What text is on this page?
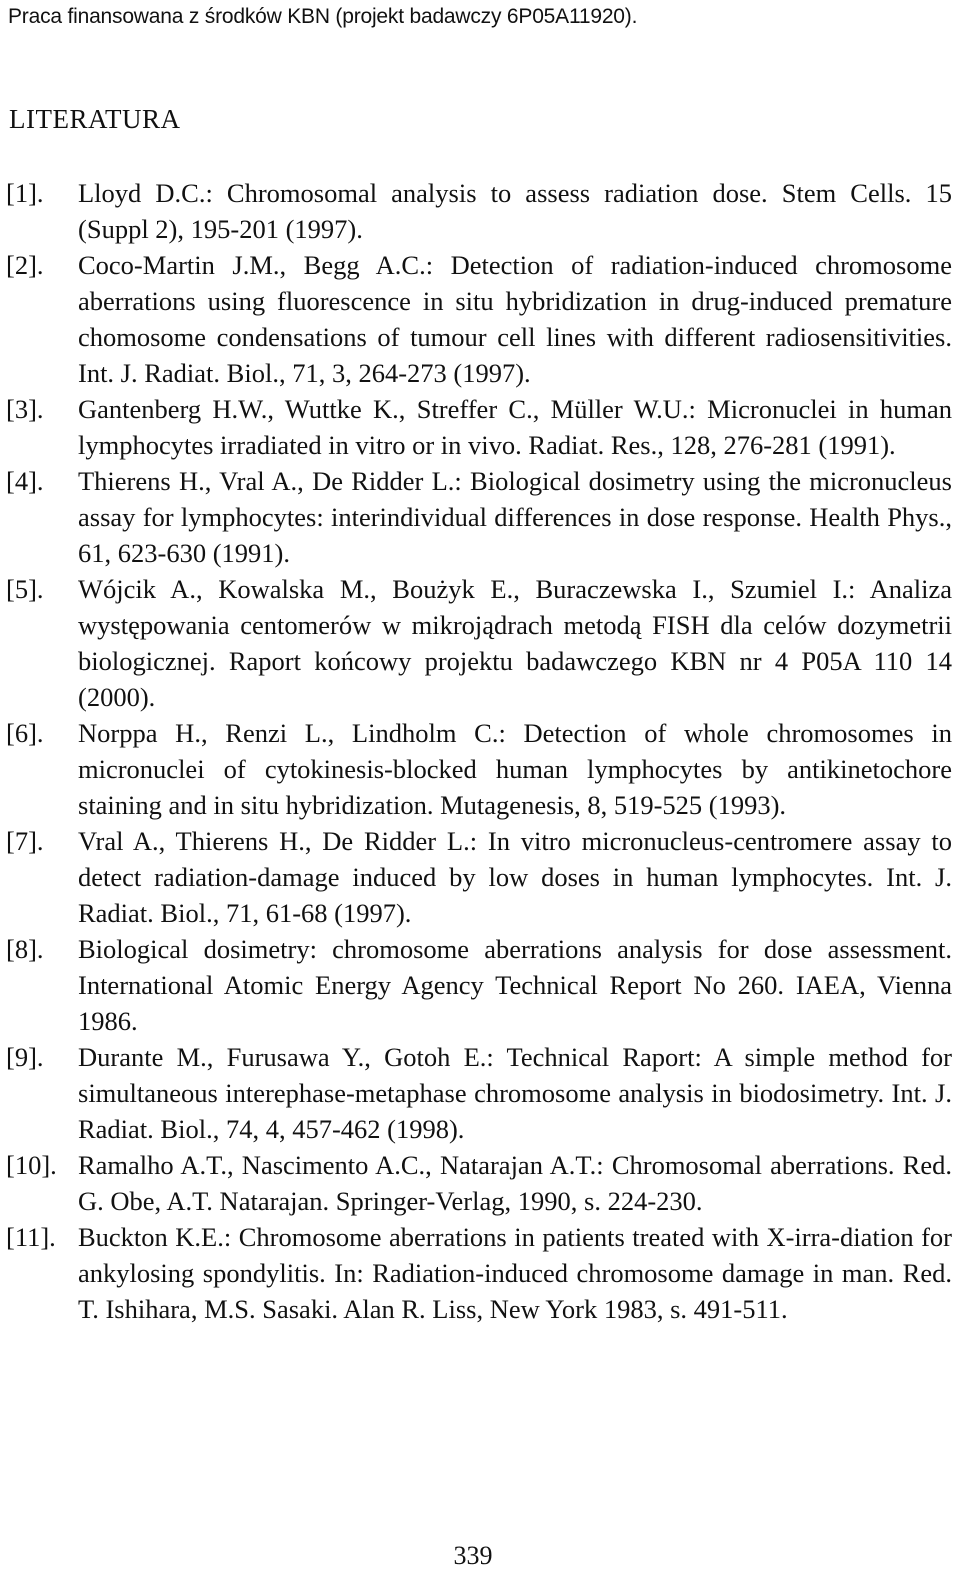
Praca finansowana z środków KBN (projekt badawczy 6P05A11920).
LITERATURA
[1].	Lloyd D.C.: Chromosomal analysis to assess radiation dose. Stem Cells. 15 (Suppl 2), 195-201 (1997).
[2].	Coco-Martin J.M., Begg A.C.: Detection of radiation-induced chromosome aberrations using fluorescence in situ hybridization in drug-induced premature chomosome condensations of tumour cell lines with different radiosensitivities. Int. J. Radiat. Biol., 71, 3, 264-273 (1997).
[3].	Gantenberg H.W., Wuttke K., Streffer C., Müller W.U.: Micronuclei in human lymphocytes irradiated in vitro or in vivo. Radiat. Res., 128, 276-281 (1991).
[4].	Thierens H., Vral A., De Ridder L.: Biological dosimetry using the micronucleus assay for lymphocytes: interindividual differences in dose response. Health Phys., 61, 623-630 (1991).
[5].	Wójcik A., Kowalska M., Boużyk E., Buraczewska I., Szumiel I.: Analiza występowania centomerów w mikrojądrach metodą FISH dla celów dozymetrii biologicznej. Raport końcowy projektu badawczego KBN nr 4 P05A 110 14 (2000).
[6].	Norppa H., Renzi L., Lindholm C.: Detection of whole chromosomes in micronuclei of cytokinesis-blocked human lymphocytes by antikinetochore staining and in situ hybridization. Mutagenesis, 8, 519-525 (1993).
[7].	Vral A., Thierens H., De Ridder L.: In vitro micronucleus-centromere assay to detect radiation-damage induced by low doses in human lymphocytes. Int. J. Radiat. Biol., 71, 61-68 (1997).
[8].	Biological dosimetry: chromosome aberrations analysis for dose assessment. International Atomic Energy Agency Technical Report No 260. IAEA, Vienna 1986.
[9].	Durante M., Furusawa Y., Gotoh E.: Technical Raport: A simple method for simultaneous interephase-metaphase chromosome analysis in biodosimetry. Int. J. Radiat. Biol., 74, 4, 457-462 (1998).
[10]. Ramalho A.T., Nascimento A.C., Natarajan A.T.: Chromosomal aberrations. Red. G. Obe, A.T. Natarajan. Springer-Verlag, 1990, s. 224-230.
[11]. Buckton K.E.: Chromosome aberrations in patients treated with X-irra-diation for ankylosing spondylitis. In: Radiation-induced chromosome damage in man. Red. T. Ishihara, M.S. Sasaki. Alan R. Liss, New York 1983, s. 491-511.
339
